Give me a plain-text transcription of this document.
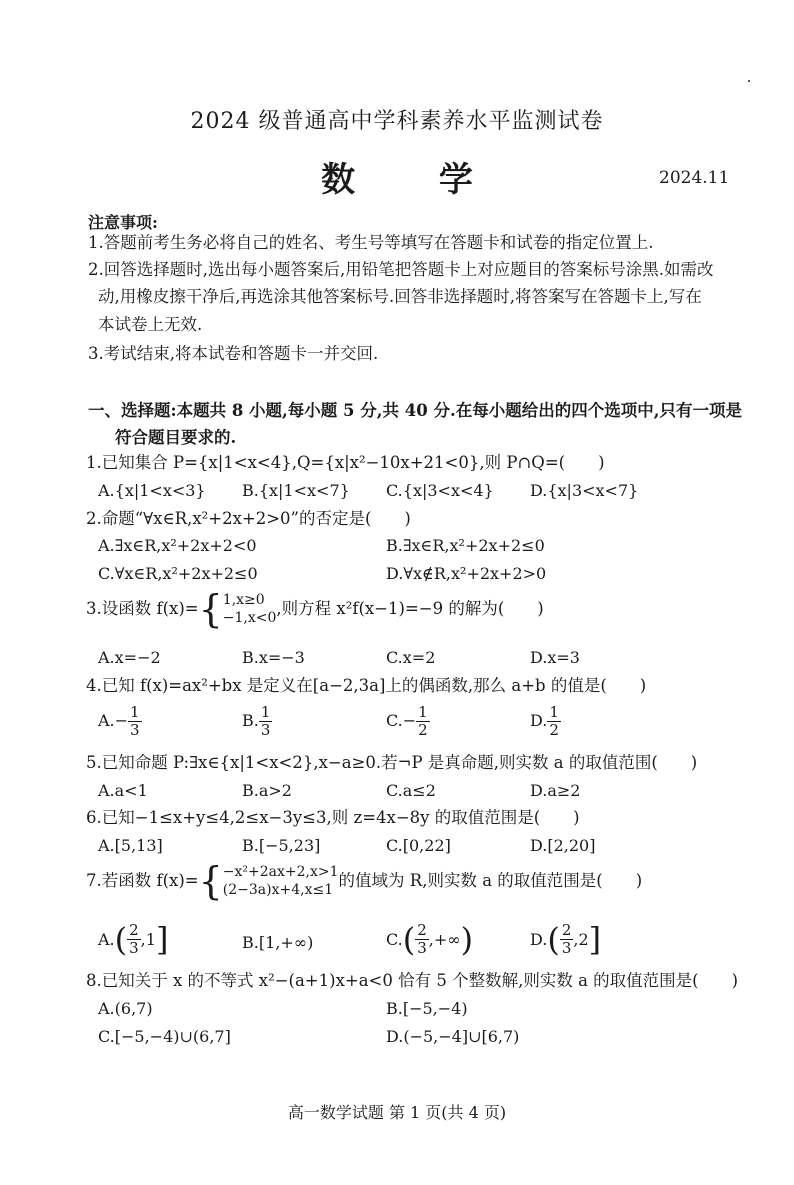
2024 级普通高中学科素养水平监测试卷
数 学	2024.11
注意事项:
1.答题前考生务必将自己的姓名、考生号等填写在答题卡和试卷的指定位置上.
2.回答选择题时,选出每小题答案后,用铅笔把答题卡上对应题目的答案标号涂黑.如需改
动,用橡皮擦干净后,再选涂其他答案标号.回答非选择题时,将答案写在答题卡上,写在
本试卷上无效.
3.考试结束,将本试卷和答题卡一并交回.
一、选择题:本题共 8 小题,每小题 5 分,共 40 分.在每小题给出的四个选项中,只有一项是
符合题目要求的.
1.已知集合 P={x|1<x<4},Q={x|x²−10x+21<0},则 P∩Q=(　　)
A.{x|1<x<3} B.{x|1<x<7} C.{x|3<x<4} D.{x|3<x<7}
2.命题“∀x∈R,x²+2x+2>0”的否定是(　　)
A.∃x∈R,x²+2x+2<0	B.∃x∈R,x²+2x+2≤0
C.∀x∈R,x²+2x+2≤0	D.∀x∉R,x²+2x+2>0
3.设函数 f(x)={ 1,x≥0
−1,x<0 ,则方程 x²f(x−1)=−9 的解为(　　)
A.x=−2	B.x=−3	C.x=2	D.x=3
4.已知 f(x)=ax²+bx 是定义在[a−2,3a]上的偶函数,那么 a+b 的值是(　　)
$A.- \frac{1}{3}$	B. $\frac{1}{3}$	$C.- \frac{1}{2}$	D. $\frac{1}{2}$
5.已知命题 P:∃x∈{x|1<x<2},x−a≥0.若¬P 是真命题,则实数 a 的取值范围(　　)
A.a<1	B.a>2	C.a≤2	D.a≥2
6.已知−1≤x+y≤4,2≤x−3y≤3,则 z=4x−8y 的取值范围是(　　)
A.[5,13]	B.[−5,23]	C.[0,22]	D.[2,20]
7.若函数 f(x)={ −x²+2ax+2,x>1
(2−3a)x+4,x≤1 的值域为 R,则实数 a 的取值范围是(　　)
$A.( \frac{2}{3} ,1]$	B.[1,+∞)	$C.( \frac{2}{3}$ ,+∞)	$D.( \frac{2}{3} ,2]$
8.已知关于 x 的不等式 x²−(a+1)x+a<0 恰有 5 个整数解,则实数 a 的取值范围是(　　)
A.(6,7)	B.[−5,−4)
C.[−5,−4)∪(6,7]	D.(−5,−4]∪[6,7)
高一数学试题 第 1 页(共 4 页)
